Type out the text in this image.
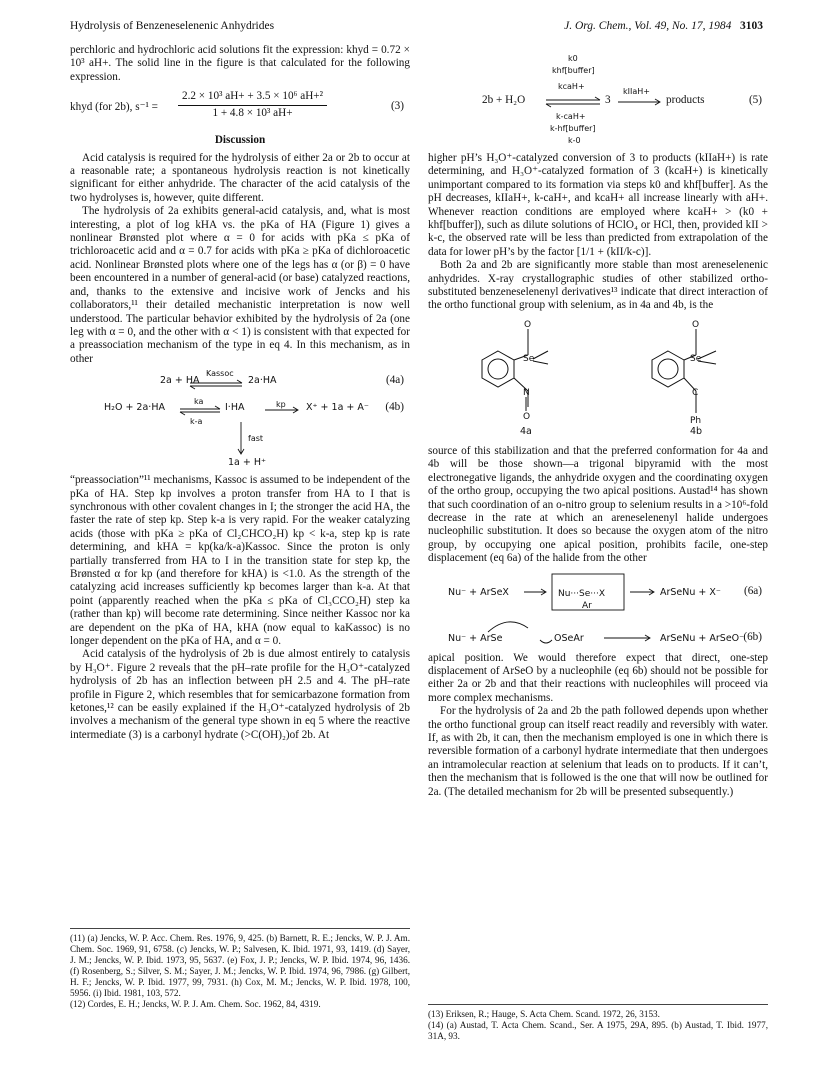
Hydrolysis of Benzeneselenenic Anhydrides	J. Org. Chem., Vol. 49, No. 17, 1984 3103

perchloric and hydrochloric acid solutions fit the expression: khyd = 0.72 × 10³ aH+. The solid line in the figure is that calculated for the following expression.

khyd (for 2b), $s^{-1} = \frac{\text{2.2 × 10³ aH+ + 3.5 × 10⁶ aH+²}}{\text{1 + 4.8 × 10³ aH+}}$	(3)
Discussion

Acid catalysis is required for the hydrolysis of either 2a or 2b to occur at a reasonable rate; a spontaneous hydrolysis reaction is not kinetically significant for either anhydride. The character of the acid catalysis of the two hydrolyses is, however, quite different.

The hydrolysis of 2a exhibits general-acid catalysis, and, what is most interesting, a plot of log kHA vs. the pKa of HA (Figure 1) gives a nonlinear Brønsted plot where α = 0 for acids with pKa ≤ pKa of trichloroacetic acid and α = 0.7 for acids with pKa ≥ pKa of dichloroacetic acid. Nonlinear Brønsted plots where one of the legs has α (or β) = 0 have been encountered in a number of general-acid (or base) catalyzed reactions, and, thanks to the extensive and incisive work of Jencks and his collaborators,¹¹ their detailed mechanistic interpretation is now well understood. The particular behavior exhibited by the hydrolysis of 2a (one leg with α = 0, and the other with α < 1) is consistent with that expected for a preassociation mechanism of the type in eq 4. In this mechanism, as in other

2a + HA
Kassoc
2a·HA	(4a)
H₂O + 2a·HA
ka
k-a
I·HA	kp X⁺ + 1a + A⁻ (4b)
fast
1a + H⁺

“preassociation”¹¹ mechanisms, Kassoc is assumed to be independent of the pKa of HA. Step kp involves a proton transfer from HA to I that is synchronous with other covalent changes in I; the stronger the acid HA, the faster the rate of step kp. Step k-a is very rapid. For the weaker catalyzing acids (those with pKa ≥ pKa of Cl₂CHCO₂H) kp < k-a, step kp is rate determining, and kHA = kp(ka/k-a)Kassoc. Since the proton is only partially transferred from HA to I in the transition state for step kp, the Brønsted α for kp (and therefore for kHA) is <1.0. As the strength of the catalyzing acid increases sufficiently kp becomes larger than k-a. At that point (apparently reached when the pKa ≤ pKa of Cl₃CCO₂H) step ka (rather than kp) will become rate determining. Since neither Kassoc nor ka are dependent on the pKa of HA, kHA (now equal to kaKassoc) is no longer dependent on the pKa of HA, and α = 0.

Acid catalysis of the hydrolysis of 2b is due almost entirely to catalysis by H₃O⁺. Figure 2 reveals that the pH–rate profile for the H₃O⁺-catalyzed hydrolysis of 2b has an inflection between pH 2.5 and 4. The pH–rate profile in Figure 2, which resembles that for semicarbazone formation from ketones,¹² can be easily explained if the H₃O⁺-catalyzed hydrolysis of 2b involves a mechanism of the general type shown in eq 5 where the reactive intermediate (3) is a carbonyl hydrate (>C(OH)₂)of 2b. At

(11) (a) Jencks, W. P. Acc. Chem. Res. 1976, 9, 425. (b) Barnett, R. E.; Jencks, W. P. J. Am. Chem. Soc. 1969, 91, 6758. (c) Jencks, W. P.; Salvesen, K. Ibid. 1971, 93, 1419. (d) Sayer, J. M.; Jencks, W. P. Ibid. 1973, 95, 5637. (e) Fox, J. P.; Jencks, W. P. Ibid. 1974, 96, 1436. (f) Rosenberg, S.; Silver, S. M.; Sayer, J. M.; Jencks, W. P. Ibid. 1974, 96, 7986. (g) Gilbert, H. F.; Jencks, W. P. Ibid. 1977, 99, 7931. (h) Cox, M. M.; Jencks, W. P. Ibid. 1978, 100, 5956. (i) Ibid. 1981, 103, 572.

(12) Cordes, E. H.; Jencks, W. P. J. Am. Chem. Soc. 1962, 84, 4319.

k0
khf[buffer]
kcaH+
k-caH+
k-hf[buffer]
k-0
kIIaH+
2b + H₂O	3	products	(5)

higher pH’s H₃O⁺-catalyzed conversion of 3 to products (kIIaH+) is rate determining, and H₃O⁺-catalyzed formation of 3 (kcaH+) is kinetically unimportant compared to its formation via steps k0 and khf[buffer]. As the pH decreases, kIIaH+, k-caH+, and kcaH+ all increase linearly with aH+. Whenever reaction conditions are employed where kcaH+ > (k0 + khf[buffer]), such as dilute solutions of HClO₄ or HCl, then, provided kII > k-c, the observed rate will be less than predicted from extrapolation of the data for lower pH’s by the factor [1/1 + (kII/k-c)].

Both 2a and 2b are significantly more stable than most areneselenenic anhydrides. X-ray crystallographic studies of other stabilized ortho-substituted benzeneselenenyl derivatives¹³ indicate that direct interaction of the ortho functional group with selenium, as in 4a and 4b, is the

O
Se
N
O
O
Se
C
Ph
4a	4b

source of this stabilization and that the preferred conformation for 4a and 4b will be those shown—a trigonal bipyramid with the most electronegative ligands, the anhydride oxygen and the coordinating oxygen of the ortho group, occupying the two apical positions. Austad¹⁴ has shown that such coordination of an o-nitro group to selenium results in a >10⁶-fold decrease in the rate at which an areneselenenyl halide undergoes nucleophilic substitution. It does so because the oxygen atom of the nitro group, by occupying one apical position, prohibits facile, one-step displacement (eq 6a) of the halide from the other

Nu···Se···X
Ar
Nu⁻ + ArSeX	ArSeNu + X⁻ (6a)
Nu⁻ + ArSe	OSeAr	ArSeNu + ArSeO⁻ (6b)

apical position. We would therefore expect that direct, one-step displacement of ArSeO by a nucleophile (eq 6b) should not be possible for either 2a or 2b and that their reactions with nucleophiles will proceed via more complex mechanisms.

For the hydrolysis of 2a and 2b the path followed depends upon whether the ortho functional group can itself react readily and reversibly with water. If, as with 2b, it can, then the mechanism employed is one in which there is reversible formation of a carbonyl hydrate intermediate that then undergoes an intramolecular reaction at selenium that leads on to products. If it can’t, then the mechanism that is followed is the one that will now be outlined for 2a. (The detailed mechanism for 2b will be presented subsequently.)

(13) Eriksen, R.; Hauge, S. Acta Chem. Scand. 1972, 26, 3153.

(14) (a) Austad, T. Acta Chem. Scand., Ser. A 1975, 29A, 895. (b) Austad, T. Ibid. 1977, 31A, 93.
